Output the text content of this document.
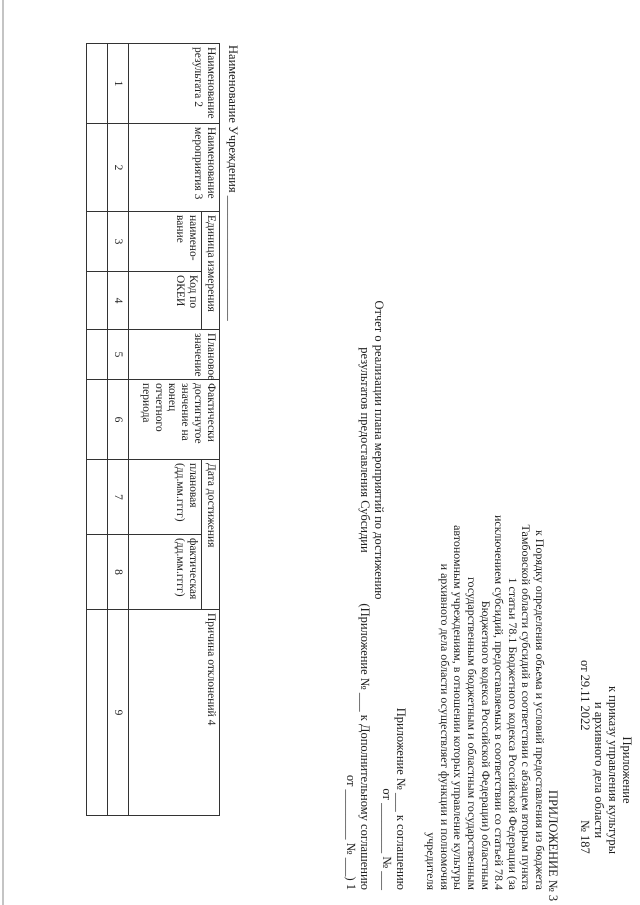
Приложение
к приказу управления культуры
и архивного дела области
от 29.11 2022
№ 187
ПРИЛОЖЕНИЕ № 3
к Порядку определения объема и условий предоставления из бюджета
Тамбовской области субсидий в соответствии с абзацем вторым пункта
1 статьи 78.1 Бюджетного кодекса Российской Федерации (за
исключением субсидий, предоставляемых в соответствии со статьей 78.4
Бюджетного кодекса Российской Федерации) областным
государственным бюджетным и областным государственным
автономным учреждениям, в отношении которых управление культуры
и архивного дела области осуществляет функции и полномочия
учредителя
Приложение № ___ к соглашению
от ________ № ___
(Приложение № ___ к Дополнительному соглашению
от ________ № ___) 1
Отчет о реализации плана мероприятий по достижению
результатов предоставления Субсидии
Наименование Учреждения ____________________
Наименование результата 2	Наименование мероприятия 3	Единица измерения		Плановое значение	Фактически достигнутое значение на конец отчетного периода	Дата достижения		Причина отклонений 4
		наимено-вание	Код по ОКЕИ			плановая (дд.мм.гггг)	фактическая (дд.мм.гггг)	
1	2	3	4	5	6	7	8	9
